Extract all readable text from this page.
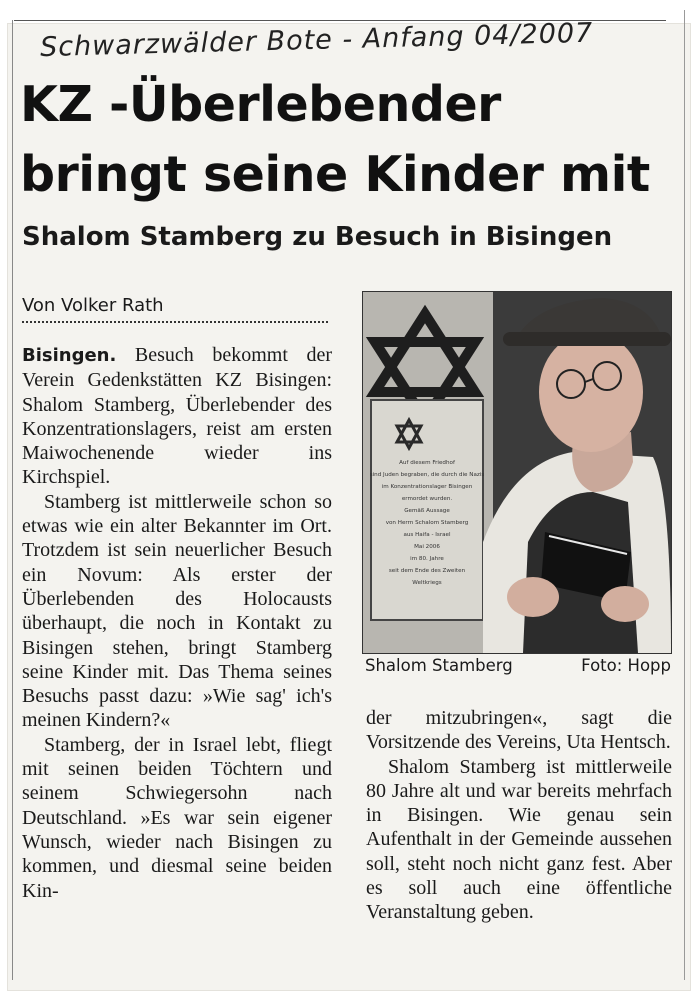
Schwarzwälder Bote - Anfang 04/2007
KZ -Überlebender
bringt seine Kinder mit
Shalom Stamberg zu Besuch in Bisingen
Von Volker Rath

Bisingen. Besuch bekommt der Verein Gedenkstätten KZ Bisingen: Shalom Stamberg, Überlebender des Konzentrationslagers, reist am ersten Maiwochenende wieder ins Kirchspiel.

Stamberg ist mittlerweile schon so etwas wie ein alter Bekannter im Ort. Trotzdem ist sein neuerlicher Besuch ein Novum: Als erster der Überlebenden des Holocausts überhaupt, die noch in Kontakt zu Bisingen stehen, bringt Stamberg seine Kinder mit. Das Thema seines Besuchs passt dazu: »Wie sag' ich's meinen Kindern?«

Stamberg, der in Israel lebt, fliegt mit seinen beiden Töchtern und seinem Schwiegersohn nach Deutschland. »Es war sein eigener Wunsch, wieder nach Bisingen zu kommen, und diesmal seine beiden Kin-

Auf diesem Friedhof sind Juden begraben, die durch die Nazis im Konzentrationslager Bisingen ermordet wurden. Gemäß Aussage von Herrn Schalom Stamberg aus Haifa - Israel Mai 2006 im 80. Jahre seit dem Ende des Zweiten Weltkriegs
Shalom Stamberg	Foto: Hopp

der mitzubringen«, sagt die Vorsitzende des Vereins, Uta Hentsch.

Shalom Stamberg ist mittlerweile 80 Jahre alt und war bereits mehrfach in Bisingen. Wie genau sein Aufenthalt in der Gemeinde aussehen soll, steht noch nicht ganz fest. Aber es soll auch eine öffentliche Veranstaltung geben.
